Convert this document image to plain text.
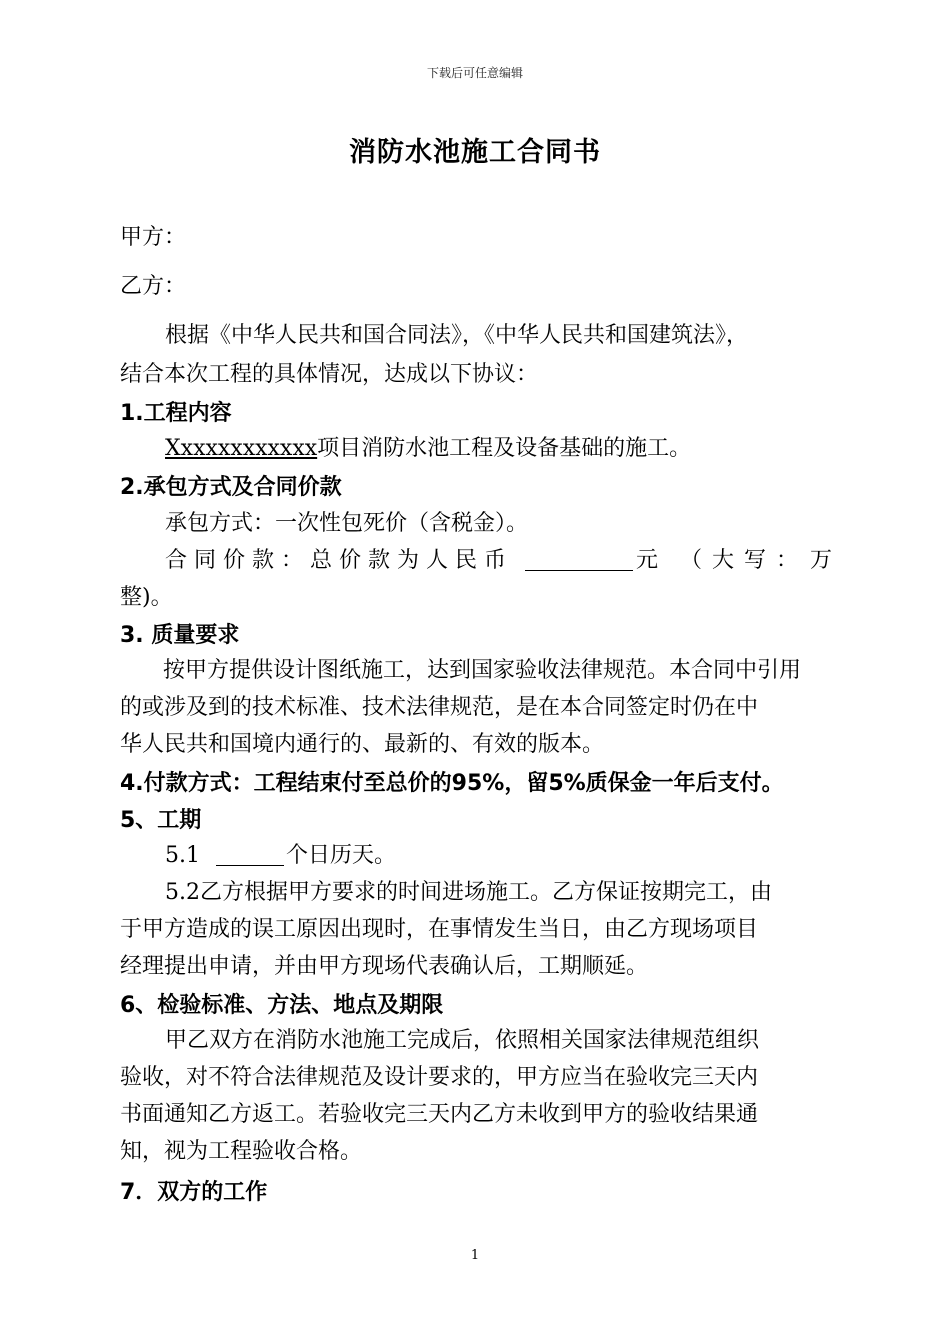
下载后可任意编辑
消防水池施工合同书
甲方：
乙方：
根据《中华人民共和国合同法》，《中华人民共和国建筑法》，
结合本次工程的具体情况，达成以下协议：
1.工程内容
Xxxxxxxxxxxx项目消防水池工程及设备基础的施工。
2.承包方式及合同价款
承包方式：一次性包死价（含税金）。
合同价款：总价款为人民币	元 （大写： 万
整)。
3. 质量要求
按甲方提供设计图纸施工，达到国家验收法律规范。本合同中引用
的或涉及到的技术标准、技术法律规范，是在本合同签定时仍在中
华人民共和国境内通行的、最新的、有效的版本。
4.付款方式：工程结束付至总价的95%，留5%质保金一年后支付。
5、工期
5.1	个日历天。
5.2乙方根据甲方要求的时间进场施工。乙方保证按期完工，由
于甲方造成的误工原因出现时，在事情发生当日，由乙方现场项目
经理提出申请，并由甲方现场代表确认后，工期顺延。
6、检验标准、方法、地点及期限
甲乙双方在消防水池施工完成后，依照相关国家法律规范组织
验收，对不符合法律规范及设计要求的，甲方应当在验收完三天内
书面通知乙方返工。若验收完三天内乙方未收到甲方的验收结果通
知，视为工程验收合格。
7．双方的工作
1
